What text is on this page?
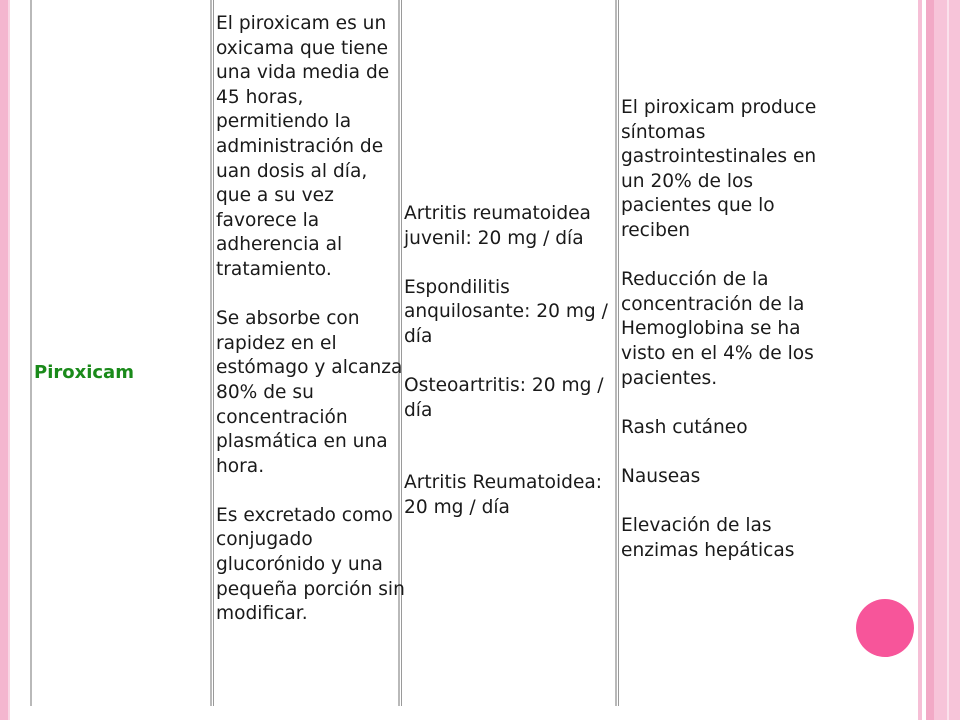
Piroxicam

El piroxicam es un oxicama que tiene una vida media de 45 horas, permitiendo la administración de uan dosis al día, que a su vez favorece la adherencia al tratamiento.

Se absorbe con rapidez en el estómago y alcanza 80% de su concentración plasmática en una hora.

Es excretado como conjugado glucorónido y una pequeña porción sin modificar.

Artritis reumatoidea juvenil: 20 mg / día

Espondilitis anquilosante: 20 mg / día

Osteoartritis: 20 mg / día

Artritis Reumatoidea: 20 mg / día

El piroxicam produce síntomas gastrointestinales en un 20% de los pacientes que lo reciben

Reducción de la concentración de la Hemoglobina se ha visto en el 4% de los pacientes.

Rash cutáneo

Nauseas

Elevación de las enzimas hepáticas
